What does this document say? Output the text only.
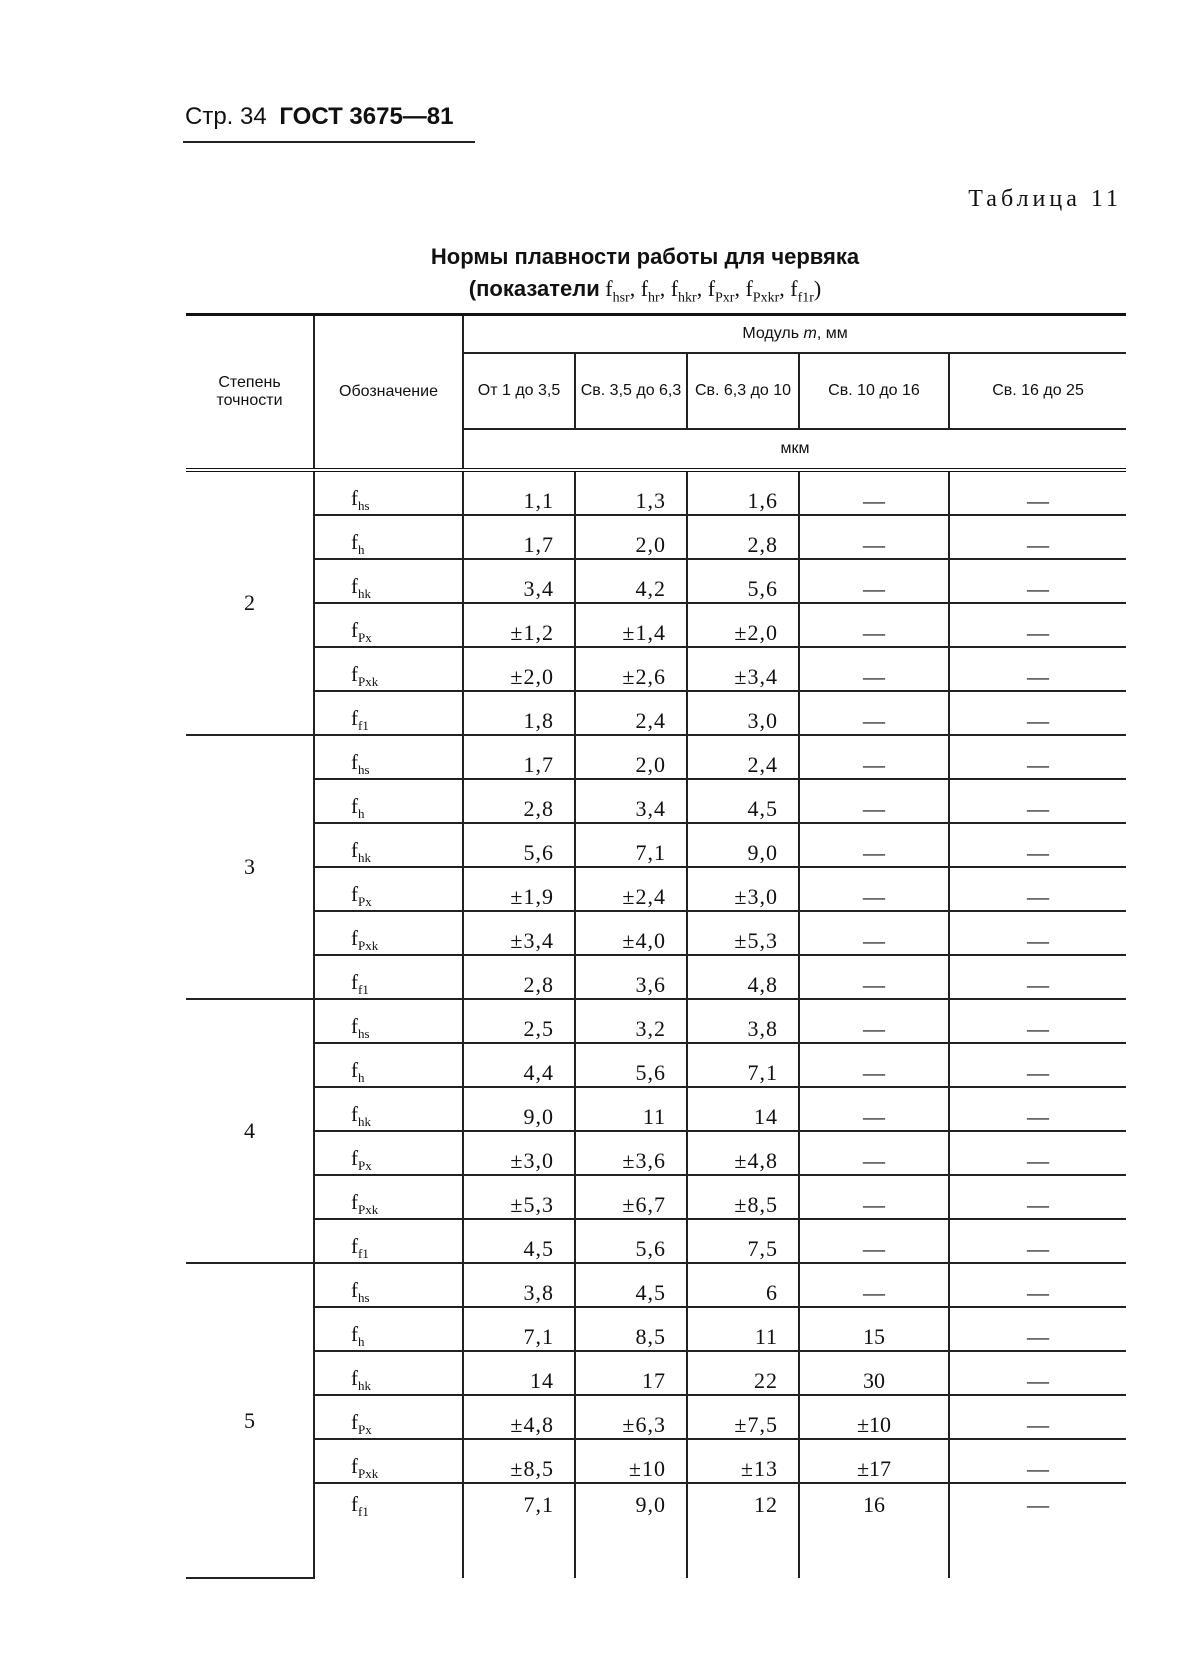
Стр. 34 ГОСТ 3675—81
Таблица 11
Нормы плавности работы для червяка
(показатели $f_{hsr}$, $f_{hr}$, $f_{hkr}$, $f_{Pxr}$, $f_{Pxkr}$, $f_{f1r}$)
Степень точности	Обозначение	Модуль m, мм				
		От 1 до 3,5	Св. 3,5 до 6,3	Св. 6,3 до 10	Св. 10 до 16	Св. 16 до 25
		мкм				
2	$f_{hs}$	1,1	1,3	1,6	—	—
	$f_h$	1,7	2,0	2,8	—	—
	$f_{hk}$	3,4	4,2	5,6	—	—
	$f_{Px}$	±1,2	±1,4	±2,0	—	—
	$f_{Pxk}$	±2,0	±2,6	±3,4	—	—
	$f_{f1}$	1,8	2,4	3,0	—	—
3	$f_{hs}$	1,7	2,0	2,4	—	—
	$f_h$	2,8	3,4	4,5	—	—
	$f_{hk}$	5,6	7,1	9,0	—	—
	$f_{Px}$	±1,9	±2,4	±3,0	—	—
	$f_{Pxk}$	±3,4	±4,0	±5,3	—	—
	$f_{f1}$	2,8	3,6	4,8	—	—
4	$f_{hs}$	2,5	3,2	3,8	—	—
	$f_h$	4,4	5,6	7,1	—	—
	$f_{hk}$	9,0	11	14	—	—
	$f_{Px}$	±3,0	±3,6	±4,8	—	—
	$f_{Pxk}$	±5,3	±6,7	±8,5	—	—
	$f_{f1}$	4,5	5,6	7,5	—	—
5	$f_{hs}$	3,8	4,5	6	—	—
	$f_h$	7,1	8,5	11	15	—
	$f_{hk}$	14	17	22	30	—
	$f_{Px}$	±4,8	±6,3	±7,5	±10	—
	$f_{Pxk}$	±8,5	±10	±13	±17	—
	$f_{f1}$	7,1	9,0	12	16	—
